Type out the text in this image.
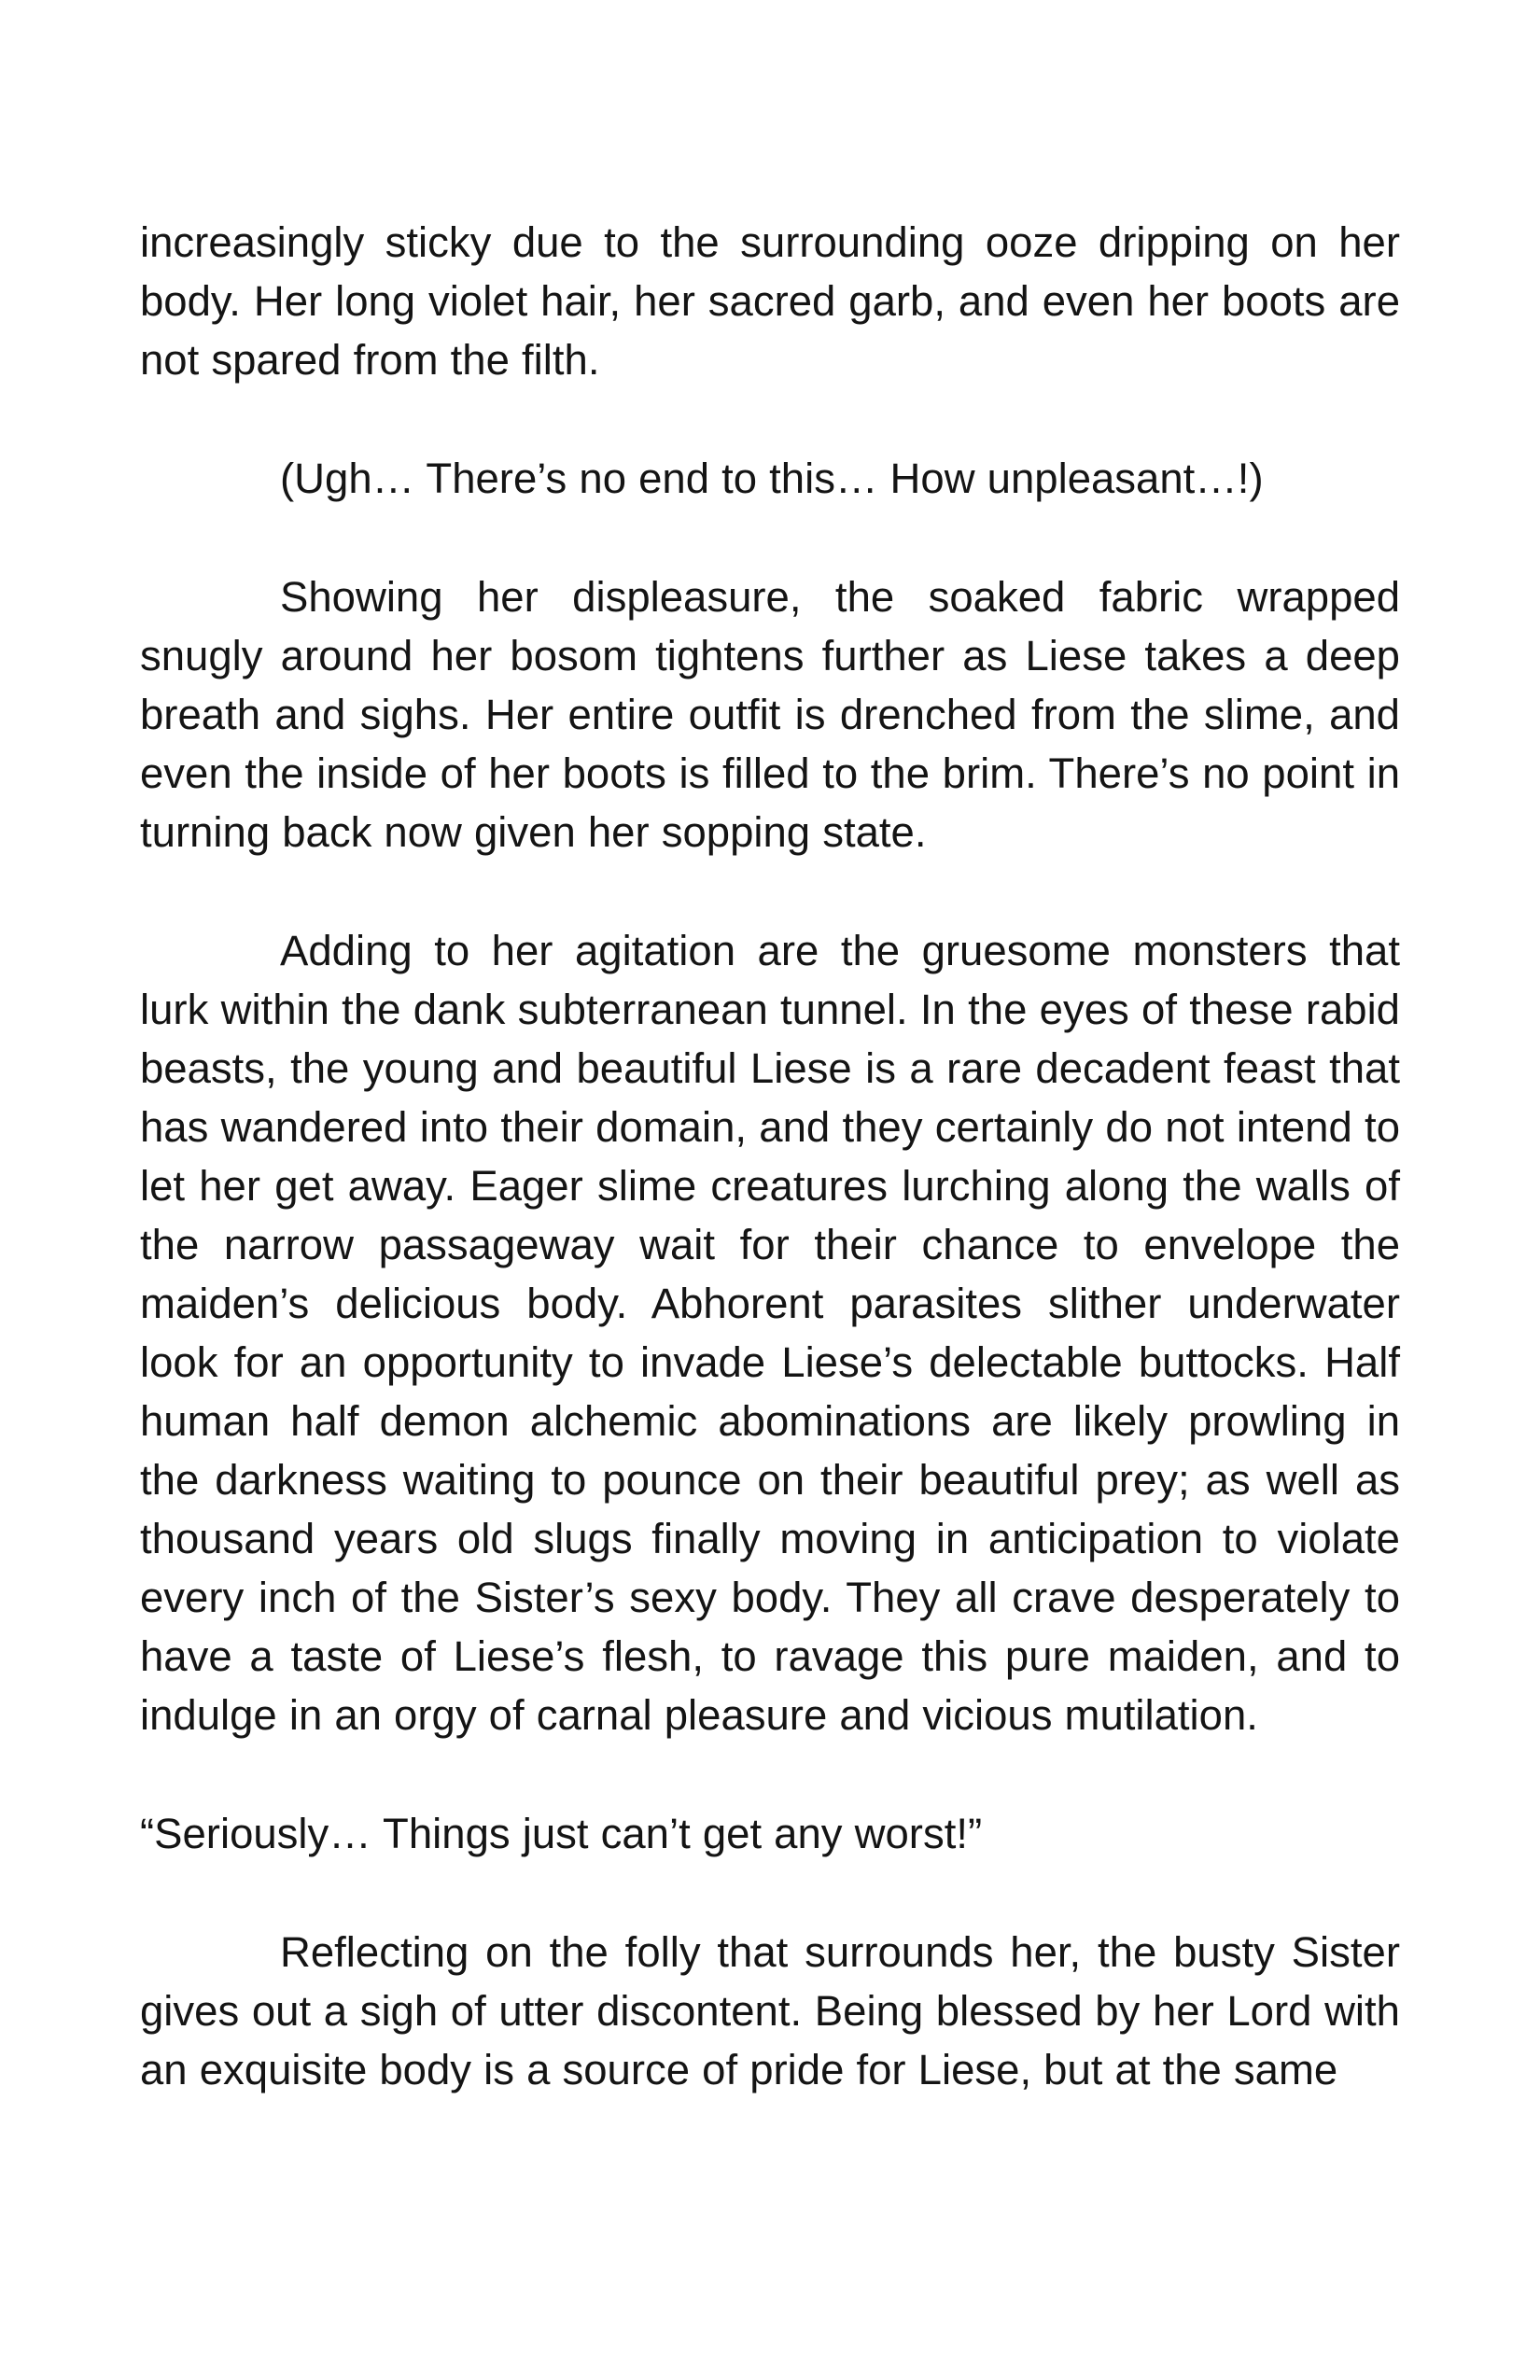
increasingly sticky due to the surrounding ooze dripping on her body. Her long violet hair, her sacred garb, and even her boots are not spared from the filth.

(Ugh… There’s no end to this… How unpleasant…!)

Showing her displeasure, the soaked fabric wrapped snugly around her bosom tightens further as Liese takes a deep breath and sighs. Her entire outfit is drenched from the slime, and even the inside of her boots is filled to the brim. There’s no point in turning back now given her sopping state.

Adding to her agitation are the gruesome monsters that lurk within the dank subterranean tunnel. In the eyes of these rabid beasts, the young and beautiful Liese is a rare decadent feast that has wandered into their domain, and they certainly do not intend to let her get away. Eager slime creatures lurching along the walls of the narrow passageway wait for their chance to envelope the maiden’s delicious body. Abhorent parasites slither underwater look for an opportunity to invade Liese’s delectable buttocks. Half human half demon alchemic abominations are likely prowling in the darkness waiting to pounce on their beautiful prey; as well as thousand years old slugs finally moving in anticipation to violate every inch of the Sister’s sexy body. They all crave desperately to have a taste of Liese’s flesh, to ravage this pure maiden, and to indulge in an orgy of carnal pleasure and vicious mutilation.

“Seriously… Things just can’t get any worst!”

Reflecting on the folly that surrounds her, the busty Sister gives out a sigh of utter discontent. Being blessed by her Lord with an exquisite body is a source of pride for Liese, but at the same
